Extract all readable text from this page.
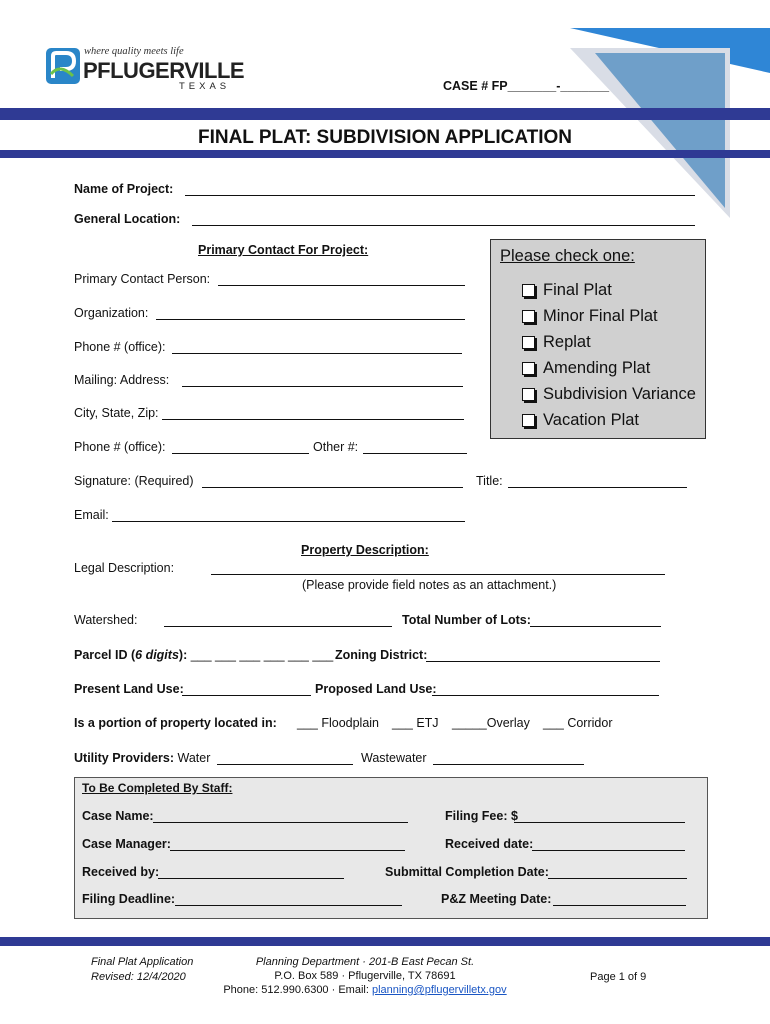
where quality meets life
PFLUGERVILLE
TEXAS	CASE # FP_______-_______
FINAL PLAT: SUBDIVISION APPLICATION
Name of Project:
General Location:
Primary Contact For Project:
Primary Contact Person:
Organization:
Phone # (office):
Mailing: Address:
City, State, Zip:
Phone # (office):	Other #:
Signature: (Required)	Title:
Email:
Please check one:
Final Plat
Minor Final Plat
Replat
Amending Plat
Subdivision Variance
Vacation Plat
Property Description:
Legal Description:
(Please provide field notes as an attachment.)
Watershed:	Total Number of Lots:
Parcel ID (6 digits): ___ ___ ___ ___ ___ ___ Zoning District:
Present Land Use:	Proposed Land Use:
Is a portion of property located in: ___ Floodplain ___ ETJ _____Overlay ___ Corridor
Utility Providers: Water	Wastewater
To Be Completed By Staff:
Case Name:	Filing Fee: $
Case Manager:	Received date:
Received by:	Submittal Completion Date:
Filing Deadline:	P&Z Meeting Date:
Final Plat Application
Revised: 12/4/2020
Planning Department · 201-B East Pecan St.
P.O. Box 589 · Pflugerville, TX 78691
Phone: 512.990.6300 · Email: planning@pflugervilletx.gov
Page 1 of 9
